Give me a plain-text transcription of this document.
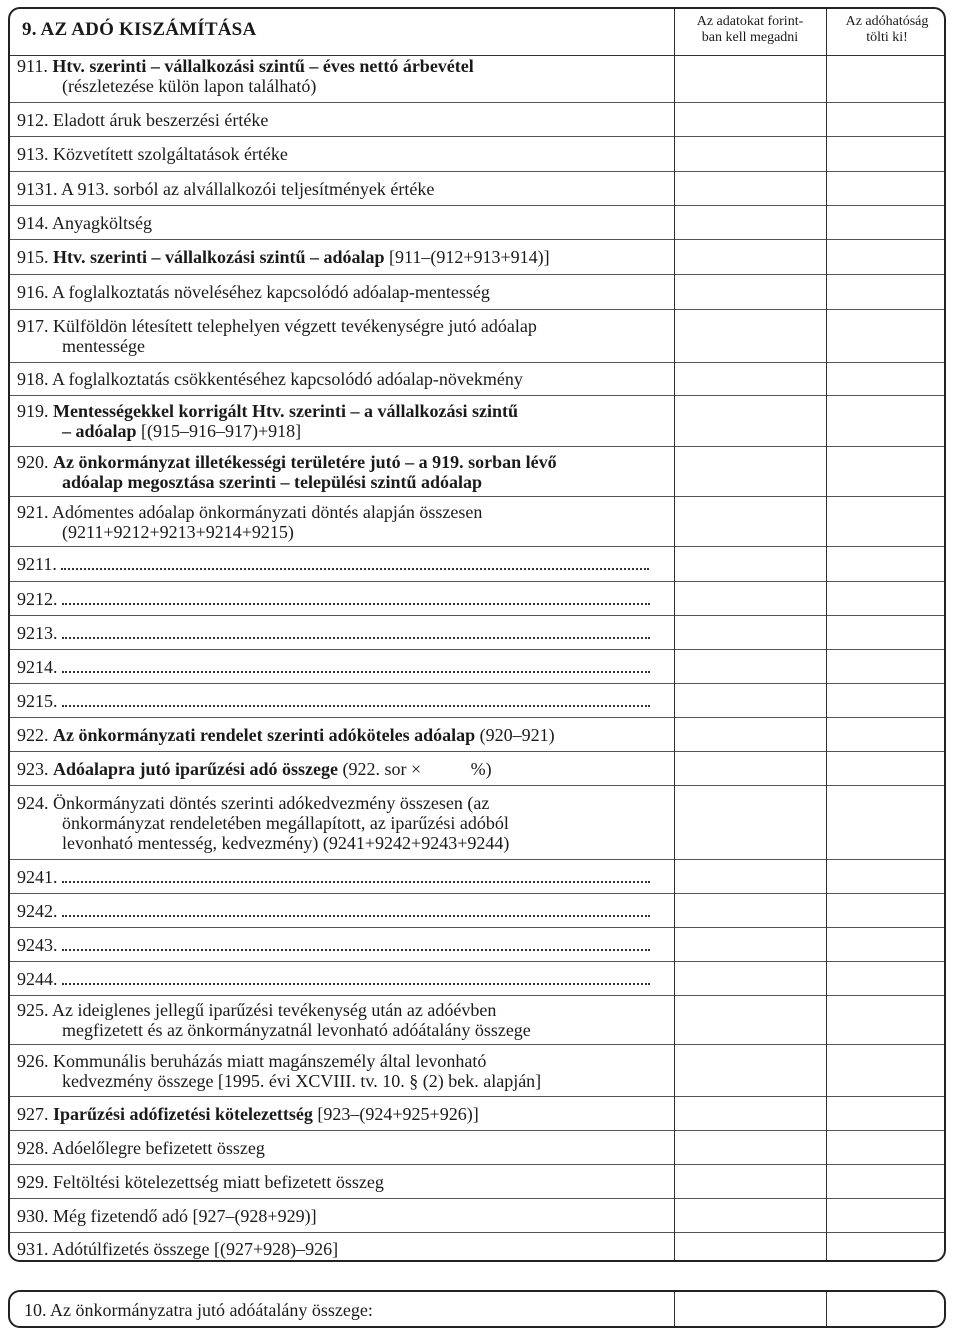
9. AZ ADÓ KISZÁMÍTÁSA	Az adatokat forint-
ban kell megadni
Az adóhatóság
tölti ki!
911. Htv. szerinti – vállalkozási szintű – éves nettó árbevétel
(részletezése külön lapon található)
912. Eladott áruk beszerzési értéke
913. Közvetített szolgáltatások értéke
9131. A 913. sorból az alvállalkozói teljesítmények értéke
914. Anyagköltség
915. Htv. szerinti – vállalkozási szintű – adóalap [911–(912+913+914)]
916. A foglalkoztatás növeléséhez kapcsolódó adóalap-mentesség
917. Külföldön létesített telephelyen végzett tevékenységre jutó adóalap
mentessége
918. A foglalkoztatás csökkentéséhez kapcsolódó adóalap-növekmény
919. Mentességekkel korrigált Htv. szerinti – a vállalkozási szintű
– adóalap [(915–916–917)+918]
920. Az önkormányzat illetékességi területére jutó – a 919. sorban lévő
adóalap megosztása szerinti – települési szintű adóalap
921. Adómentes adóalap önkormányzati döntés alapján összesen
(9211+9212+9213+9214+9215)
9211.
9212.
9213.
9214.
9215.
922. Az önkormányzati rendelet szerinti adóköteles adóalap (920–921)
923. Adóalapra jutó iparűzési adó összege (922. sor ×           %)
924. Önkormányzati döntés szerinti adókedvezmény összesen (az
önkormányzat rendeletében megállapított, az iparűzési adóból
levonható mentesség, kedvezmény) (9241+9242+9243+9244)
9241.
9242.
9243.
9244.
925. Az ideiglenes jellegű iparűzési tevékenység után az adóévben
megfizetett és az önkormányzatnál levonható adóátalány összege
926. Kommunális beruházás miatt magánszemély által levonható
kedvezmény összege [1995. évi XCVIII. tv. 10. § (2) bek. alapján]
927. Iparűzési adófizetési kötelezettség [923–(924+925+926)]
928. Adóelőlegre befizetett összeg
929. Feltöltési kötelezettség miatt befizetett összeg
930. Még fizetendő adó [927–(928+929)]
931. Adótúlfizetés összege [(927+928)–926]
10. Az önkormányzatra jutó adóátalány összege:
